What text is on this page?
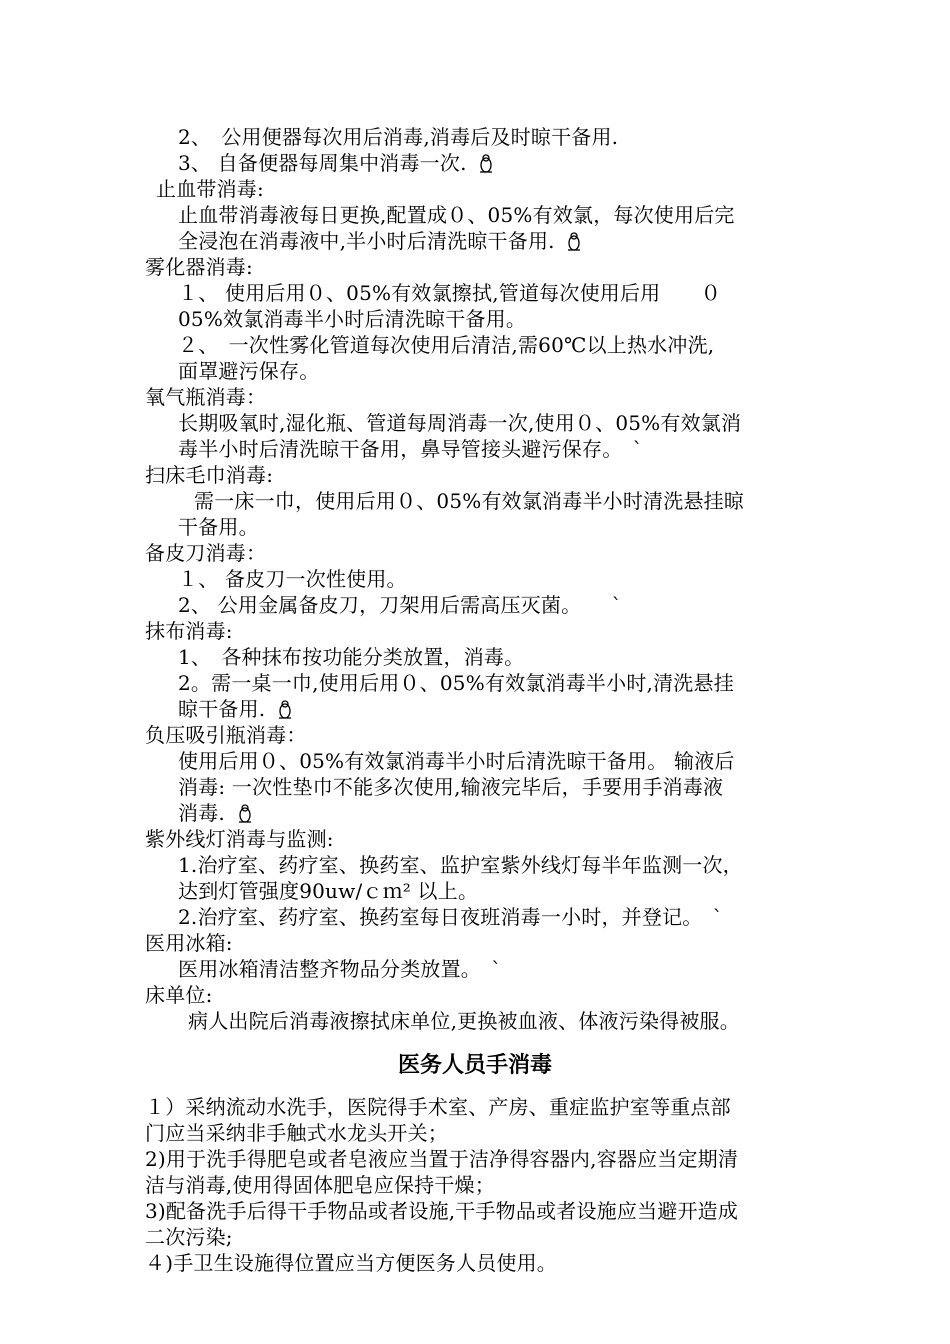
2、　公用便器每次用后消毒,消毒后及时晾干备用.
3、 自备便器每周集中消毒一次.
止血带消毒:
止血带消毒液每日更换,配置成０、05%有效氯，每次使用后完
全浸泡在消毒液中,半小时后清洗晾干备用.
雾化器消毒:
１、 使用后用０、05%有效氯擦拭,管道每次使用后用　　０
05%效氯消毒半小时后清洗晾干备用。
２、　一次性雾化管道每次使用后清洁,需60℃以上热水冲洗,
面罩避污保存。
氧气瓶消毒：
长期吸氧时,湿化瓶、管道每周消毒一次,使用０、05%有效氯消
毒半小时后清洗晾干备用，鼻导管接头避污保存。　`
扫床毛巾消毒:
需一床一巾，使用后用０、05%有效氯消毒半小时清洗悬挂晾
干备用。
备皮刀消毒：
１、 备皮刀一次性使用。
2、 公用金属备皮刀，刀架用后需高压灭菌。　　`
抹布消毒:
1、　各种抹布按功能分类放置，消毒。
2。需一桌一巾,使用后用０、05%有效氯消毒半小时,清洗悬挂
晾干备用.
负压吸引瓶消毒：
使用后用０、05%有效氯消毒半小时后清洗晾干备用。 输液后
消毒: 一次性垫巾不能多次使用,输液完毕后，手要用手消毒液
消毒.
紫外线灯消毒与监测:
1.治疗室、药疗室、换药室、监护室紫外线灯每半年监测一次，
达到灯管强度90uw/ｃｍ² 以上。
2.治疗室、药疗室、换药室每日夜班消毒一小时，并登记。　`
医用冰箱:
医用冰箱清洁整齐物品分类放置。　`
床单位:
病人出院后消毒液擦拭床单位,更换被血液、体液污染得被服。
医务人员手消毒
１）采纳流动水洗手，医院得手术室、产房、重症监护室等重点部
门应当采纳非手触式水龙头开关；
2)用于洗手得肥皂或者皂液应当置于洁净得容器内,容器应当定期清
洁与消毒,使用得固体肥皂应保持干燥；
3)配备洗手后得干手物品或者设施,干手物品或者设施应当避开造成
二次污染;
４)手卫生设施得位置应当方便医务人员使用。
